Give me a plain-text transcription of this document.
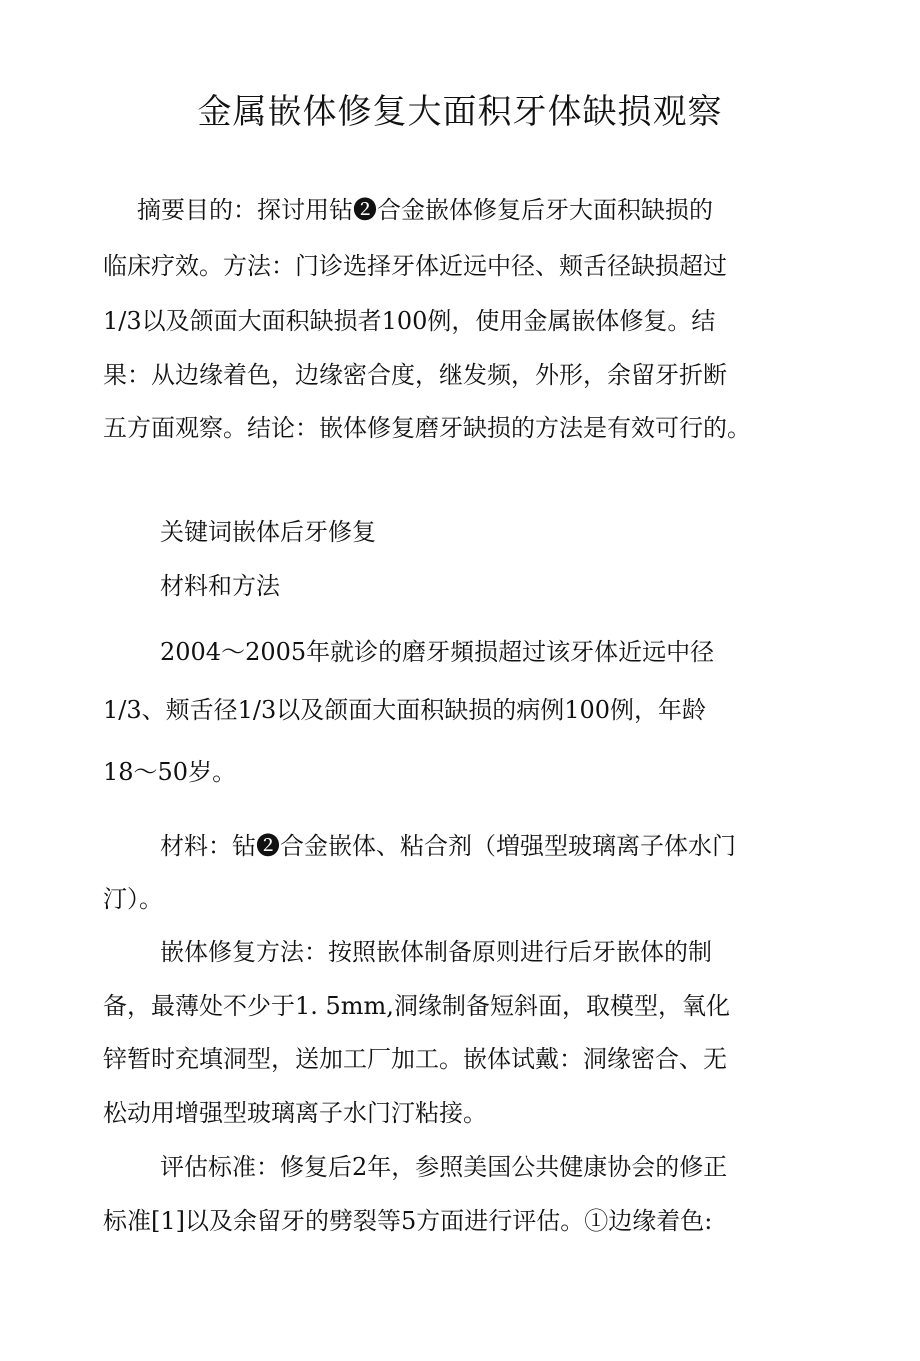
金属嵌体修复大面积牙体缺损观察
摘要目的：探讨用钻❷合金嵌体修复后牙大面积缺损的
临床疗效。方法：门诊选择牙体近远中径、颊舌径缺损超过
1/3以及颌面大面积缺损者100例，使用金属嵌体修复。结
果：从边缘着色，边缘密合度，继发频，外形，余留牙折断
五方面观察。结论：嵌体修复磨牙缺损的方法是有效可行的。
关键词嵌体后牙修复
材料和方法
2004〜2005年就诊的磨牙頻损超过该牙体近远中径
1/3、颊舌径1/3以及颌面大面积缺损的病例100例，年龄
18〜50岁。
材料：钻❷合金嵌体、粘合剂（増强型玻璃离子体水门
汀）。
嵌体修复方法：按照嵌体制备原则进行后牙嵌体的制
备，最薄处不少于1. 5mm,洞缘制备短斜面，取模型，氧化
锌暂时充填洞型，送加工厂加工。嵌体试戴：洞缘密合、无
松动用增强型玻璃离子水门汀粘接。
评估标准：修复后2年，参照美国公共健康协会的修正
标准[1]以及余留牙的劈裂等5方面进行评估。①边缘着色:
